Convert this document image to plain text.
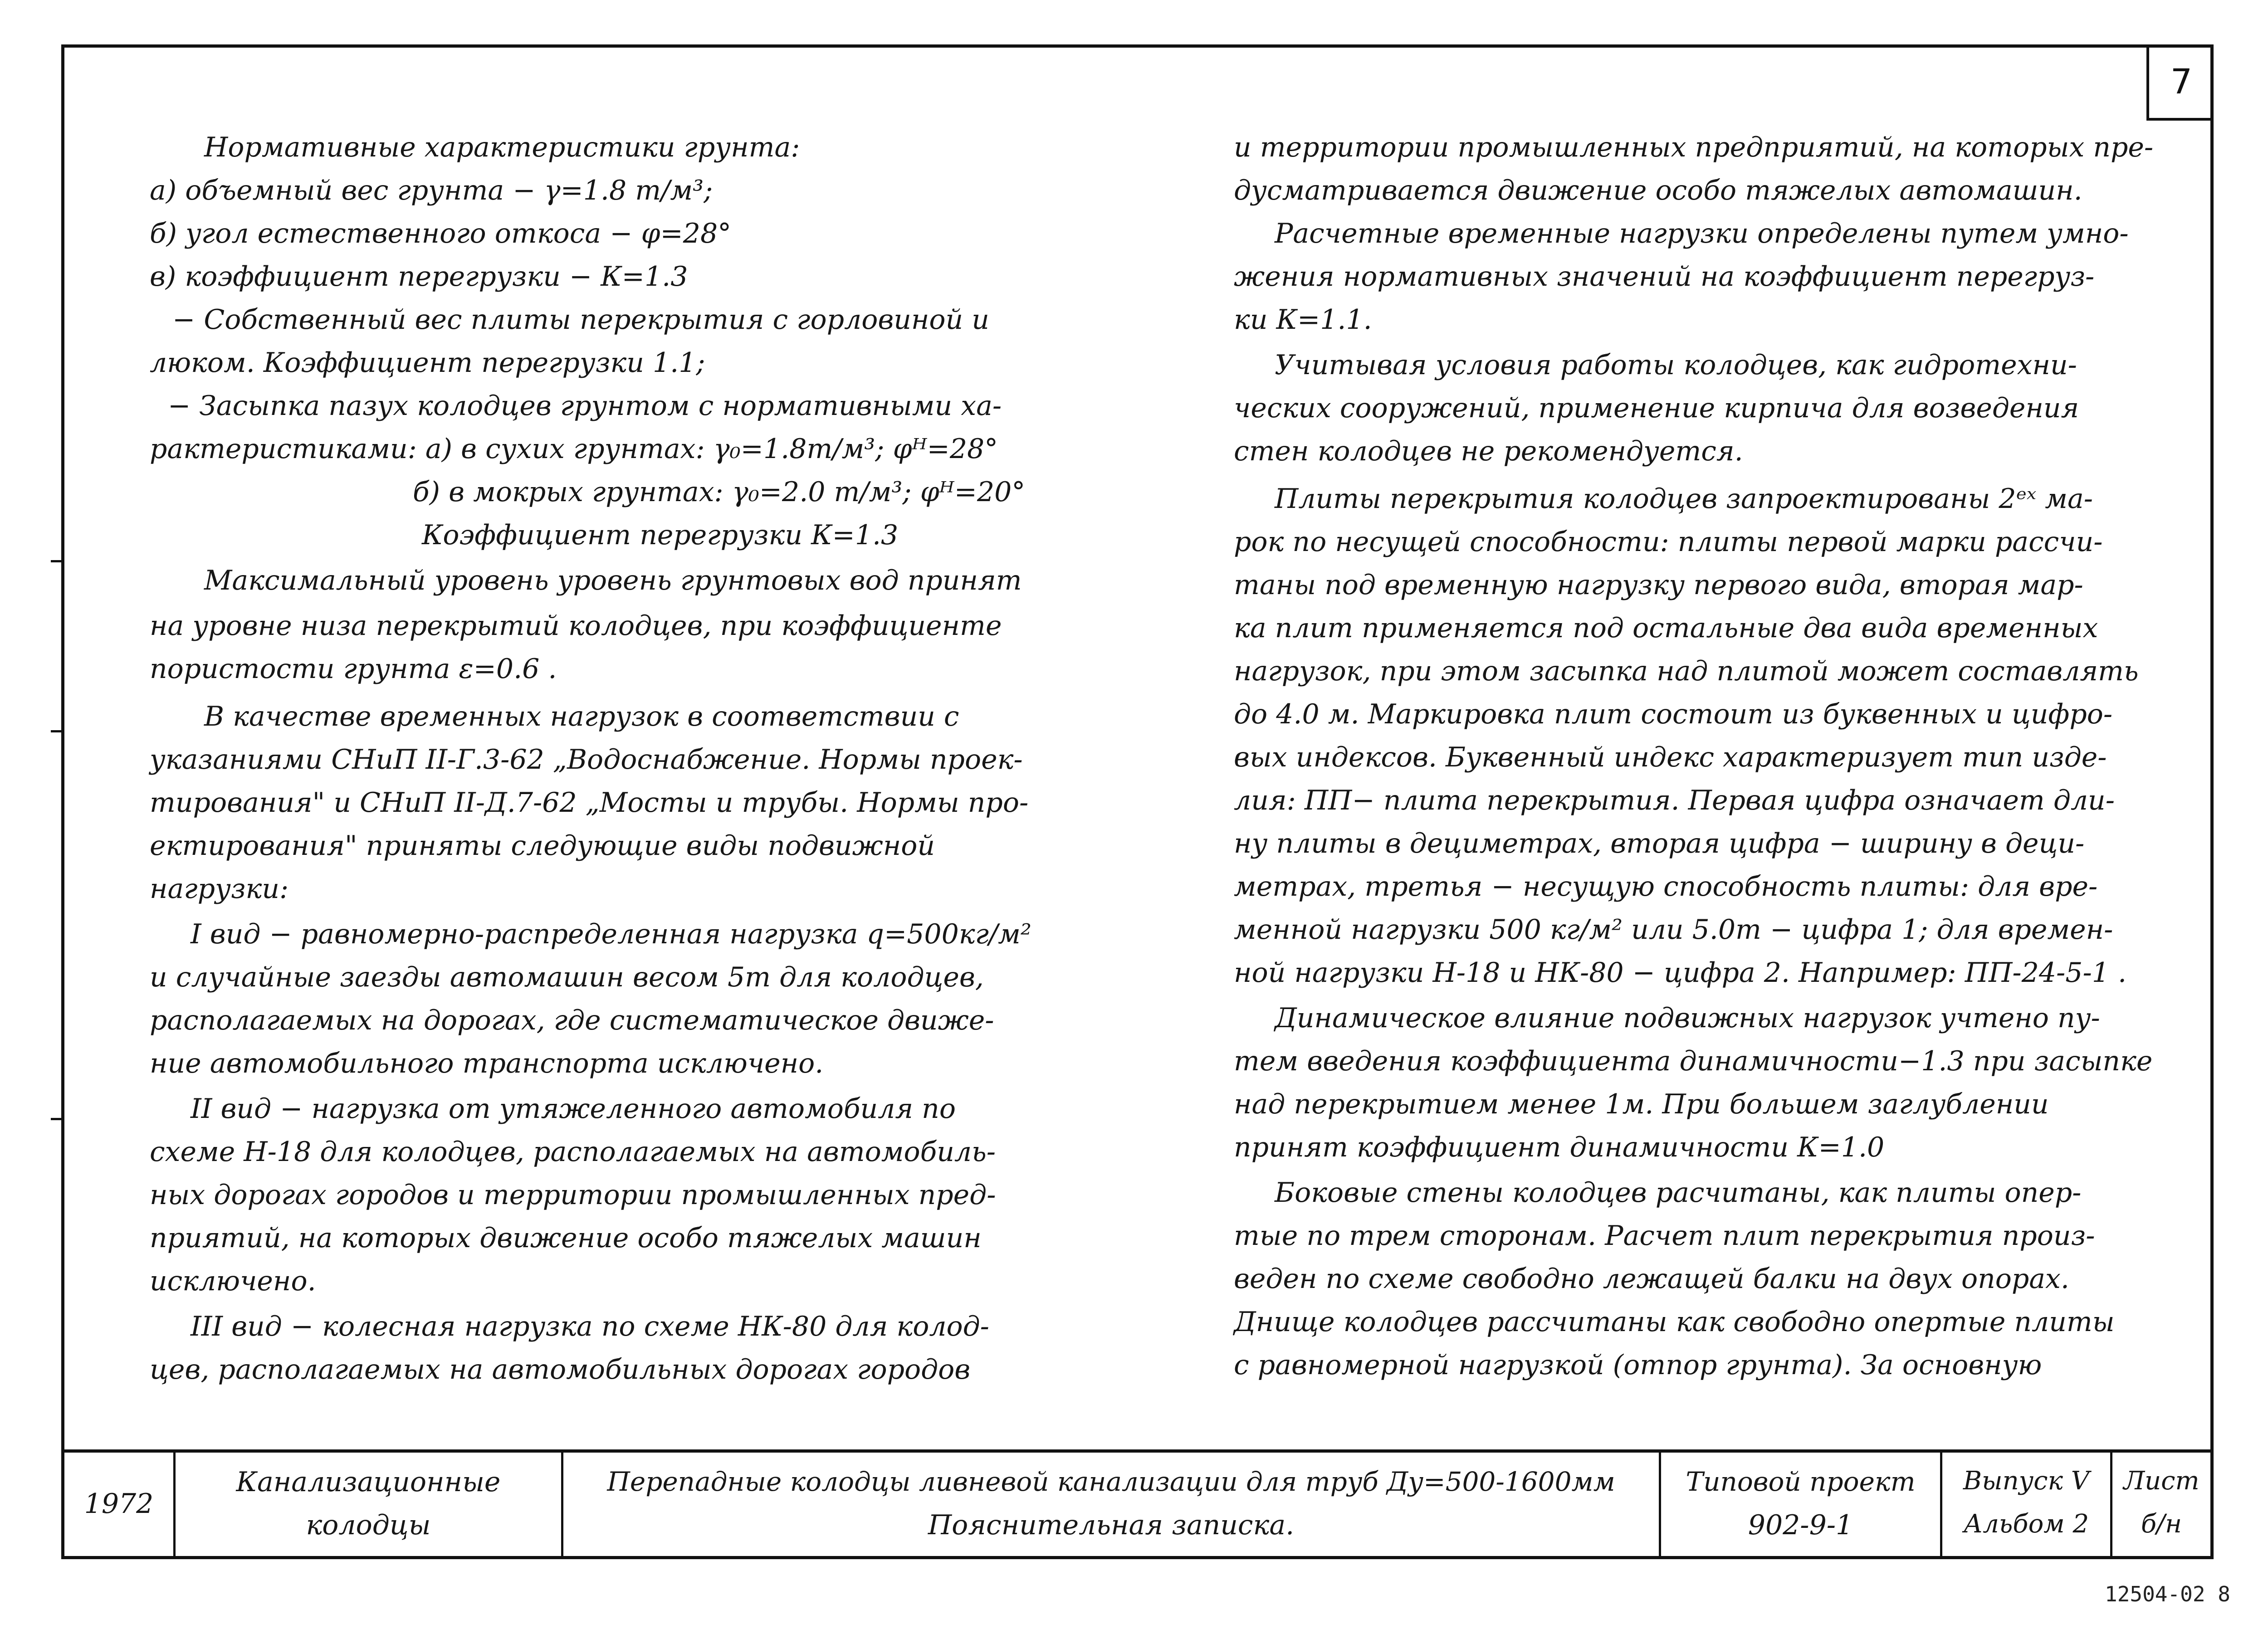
7
Нормативные характеристики грунта:
а) объемный вес грунта − γ=1.8 т/м³;
б) угол естественного откоса − φ=28°
в) коэффициент перегрузки − К=1.3
− Собственный вес плиты перекрытия с горловиной и
люком. Коэффициент перегрузки 1.1;
− Засыпка пазух колодцев грунтом с нормативными ха-
рактеристиками: а) в сухих грунтах: γ₀=1.8т/м³; φᴴ=28°
б) в мокрых грунтах: γ₀=2.0 т/м³; φᴴ=20°
Коэффициент перегрузки К=1.3
Максимальный уровень уровень грунтовых вод принят
на уровне низа перекрытий колодцев, при коэффициенте
пористости грунта ε=0.6 .
В качестве временных нагрузок в соответствии с
указаниями СНиП II-Г.3-62 „Водоснабжение. Нормы проек-
тирования" и СНиП II-Д.7-62 „Мосты и трубы. Нормы про-
ектирования" приняты следующие виды подвижной
нагрузки:
I вид − равномерно-распределенная нагрузка q=500кг/м²
и случайные заезды автомашин весом 5т для колодцев,
располагаемых на дорогах, где систематическое движе-
ние автомобильного транспорта исключено.
II вид − нагрузка от утяжеленного автомобиля по
схеме Н-18 для колодцев, располагаемых на автомобиль-
ных дорогах городов и территории промышленных пред-
приятий, на которых движение особо тяжелых машин
исключено.
III вид − колесная нагрузка по схеме НК-80 для колод-
цев, располагаемых на автомобильных дорогах городов
и территории промышленных предприятий, на которых пре-
дусматривается движение особо тяжелых автомашин.
Расчетные временные нагрузки определены путем умно-
жения нормативных значений на коэффициент перегруз-
ки К=1.1.
Учитывая условия работы колодцев, как гидротехни-
ческих сооружений, применение кирпича для возведения
стен колодцев не рекомендуется.
Плиты перекрытия колодцев запроектированы 2ᵉˣ ма-
рок по несущей способности: плиты первой марки рассчи-
таны под временную нагрузку первого вида, вторая мар-
ка плит применяется под остальные два вида временных
нагрузок, при этом засыпка над плитой может составлять
до 4.0 м. Маркировка плит состоит из буквенных и цифро-
вых индексов. Буквенный индекс характеризует тип изде-
лия: ПП− плита перекрытия. Первая цифра означает дли-
ну плиты в дециметрах, вторая цифра − ширину в деци-
метрах, третья − несущую способность плиты: для вре-
менной нагрузки 500 кг/м² или 5.0т − цифра 1; для времен-
ной нагрузки Н-18 и НК-80 − цифра 2. Например: ПП-24-5-1 .
Динамическое влияние подвижных нагрузок учтено пу-
тем введения коэффициента динамичности−1.3 при засыпке
над перекрытием менее 1м. При большем заглублении
принят коэффициент динамичности К=1.0
Боковые стены колодцев расчитаны, как плиты опер-
тые по трем сторонам. Расчет плит перекрытия произ-
веден по схеме свободно лежащей балки на двух опорах.
Днище колодцев рассчитаны как свободно опертые плиты
с равномерной нагрузкой (отпор грунта). За основную
1972
Канализационные
колодцы
Перепадные колодцы ливневой канализации для труб Ду=500-1600мм
Пояснительная записка.
Типовой проект
902-9-1
Выпуск V
Альбом 2
Лист
б/н
12504-02 8
